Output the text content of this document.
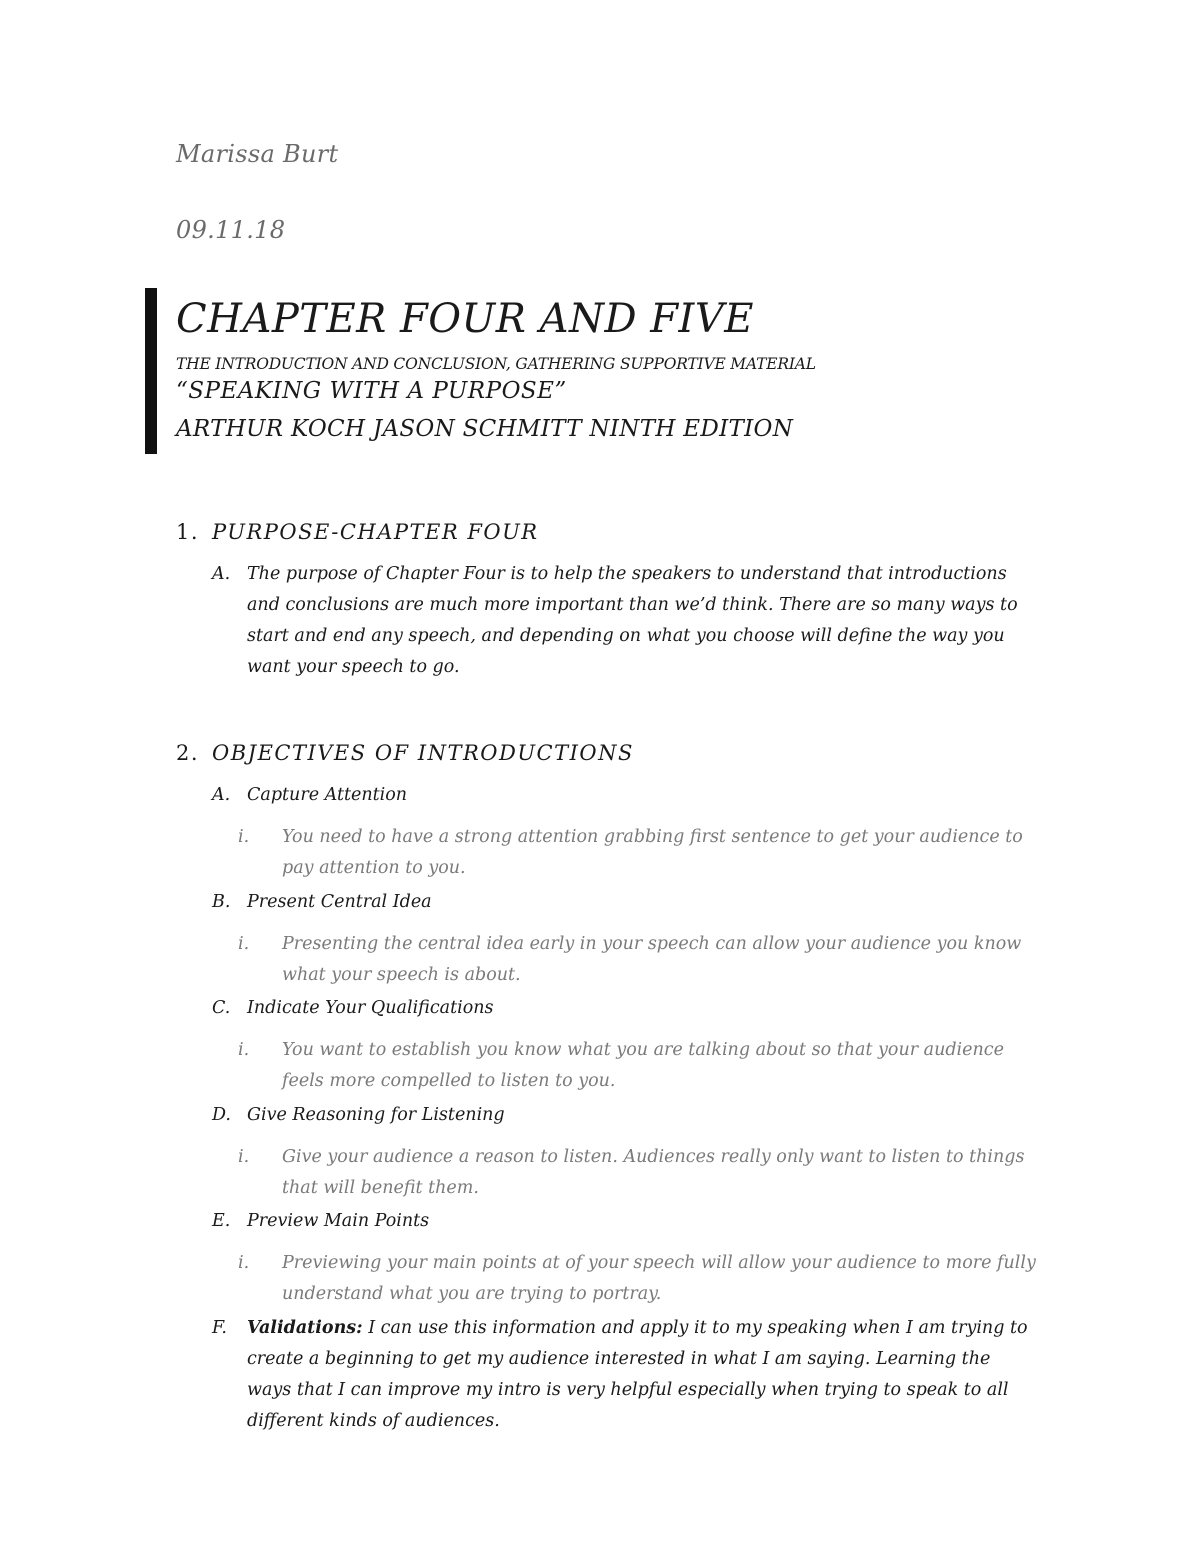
Marissa Burt
09.11.18
CHAPTER FOUR AND FIVE
THE INTRODUCTION AND CONCLUSION, GATHERING SUPPORTIVE MATERIAL
“SPEAKING WITH A PURPOSE”
ARTHUR KOCH JASON SCHMITT NINTH EDITION
1. PURPOSE-CHAPTER FOUR
A. The purpose of Chapter Four is to help the speakers to understand that introductions and conclusions are much more important than we’d think. There are so many ways to start and end any speech, and depending on what you choose will define the way you want your speech to go.
2. OBJECTIVES OF INTRODUCTIONS
A. Capture Attention
i.	You need to have a strong attention grabbing first sentence to get your audience to pay attention to you.
B. Present Central Idea
i.	Presenting the central idea early in your speech can allow your audience you know what your speech is about.
C. Indicate Your Qualifications
i.	You want to establish you know what you are talking about so that your audience feels more compelled to listen to you.
D. Give Reasoning for Listening
i.	Give your audience a reason to listen. Audiences really only want to listen to things that will benefit them.
E. Preview Main Points
i.	Previewing your main points at of your speech will allow your audience to more fully understand what you are trying to portray.
F.	Validations: I can use this information and apply it to my speaking when I am trying to create a beginning to get my audience interested in what I am saying. Learning the ways that I can improve my intro is very helpful especially when trying to speak to all different kinds of audiences.
